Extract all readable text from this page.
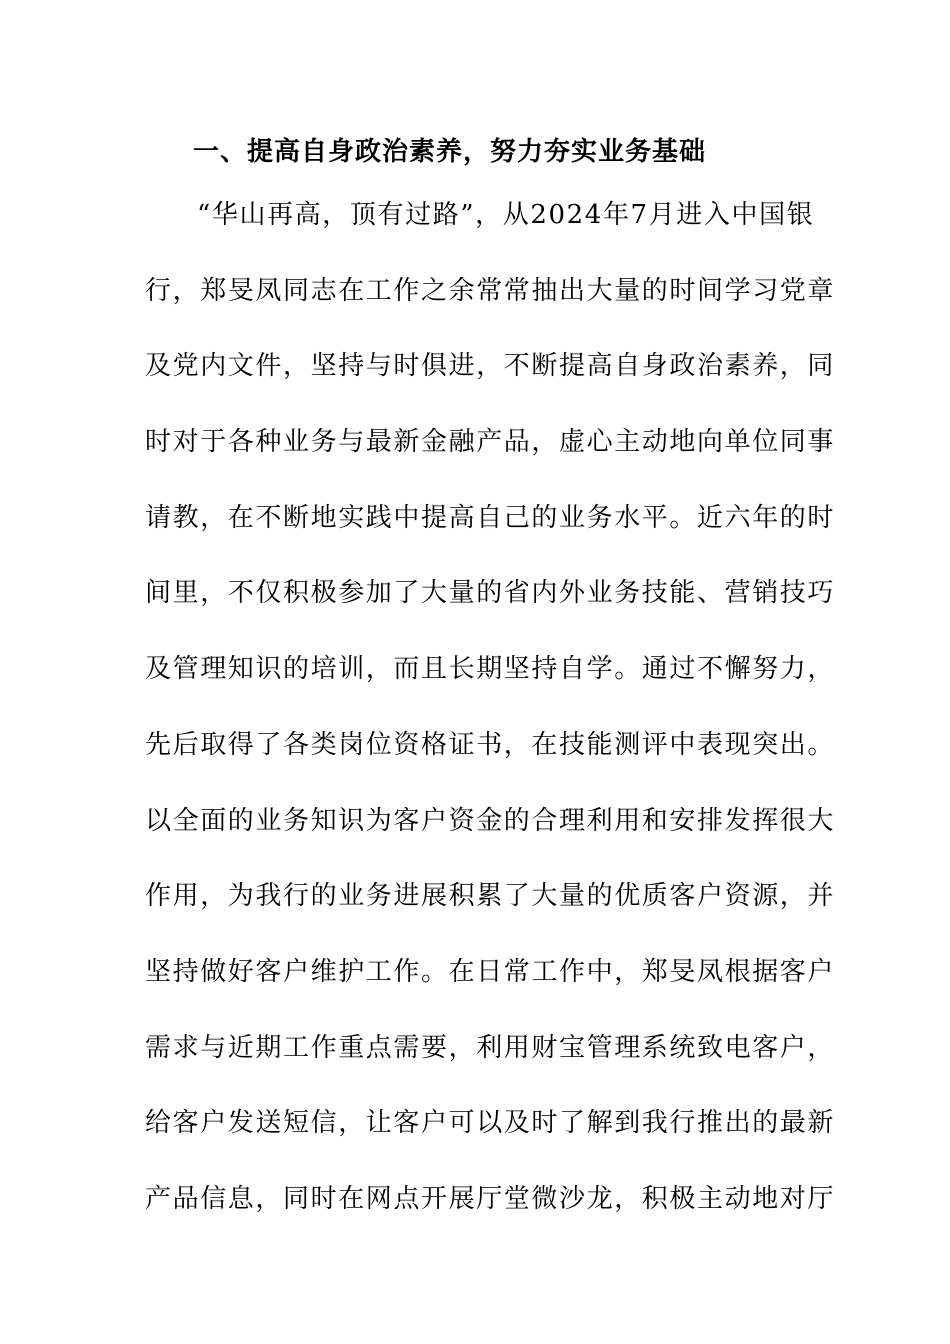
一、提高自身政治素养，努力夯实业务基础
“华山再高，顶有过路”，从2024年7月进入中国银
行，郑旻凤同志在工作之余常常抽出大量的时间学习党章
及党内文件，坚持与时俱进，不断提高自身政治素养，同
时对于各种业务与最新金融产品，虚心主动地向单位同事
请教，在不断地实践中提高自己的业务水平。近六年的时
间里，不仅积极参加了大量的省内外业务技能、营销技巧
及管理知识的培训，而且长期坚持自学。通过不懈努力，
先后取得了各类岗位资格证书，在技能测评中表现突出。
以全面的业务知识为客户资金的合理利用和安排发挥很大
作用，为我行的业务进展积累了大量的优质客户资源，并
坚持做好客户维护工作。在日常工作中，郑旻凤根据客户
需求与近期工作重点需要，利用财宝管理系统致电客户，
给客户发送短信，让客户可以及时了解到我行推出的最新
产品信息，同时在网点开展厅堂微沙龙，积极主动地对厅
